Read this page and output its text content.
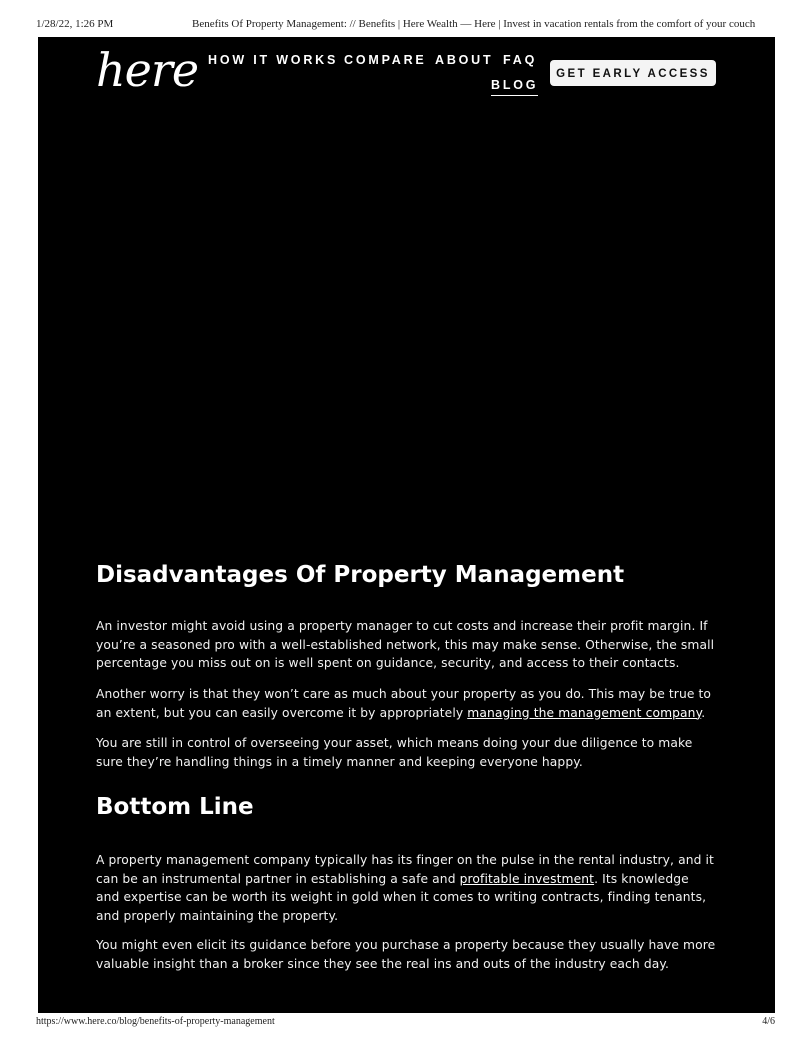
1/28/22, 1:26 PM	Benefits Of Property Management: // Benefits | Here Wealth — Here | Invest in vacation rentals from the comfort of your couch
here HOW IT WORKS COMPARE ABOUT FAQ
BLOG
GET EARLY ACCESS
Disadvantages Of Property Management

An investor might avoid using a property manager to cut costs and increase their profit margin. If you’re a seasoned pro with a well-established network, this may make sense. Otherwise, the small percentage you miss out on is well spent on guidance, security, and access to their contacts.

Another worry is that they won’t care as much about your property as you do. This may be true to an extent, but you can easily overcome it by appropriately managing the management company.

You are still in control of overseeing your asset, which means doing your due diligence to make sure they’re handling things in a timely manner and keeping everyone happy.

Bottom Line

A property management company typically has its finger on the pulse in the rental industry, and it can be an instrumental partner in establishing a safe and profitable investment. Its knowledge and expertise can be worth its weight in gold when it comes to writing contracts, finding tenants, and properly maintaining the property.

You might even elicit its guidance before you purchase a property because they usually have more valuable insight than a broker since they see the real ins and outs of the industry each day.

https://www.here.co/blog/benefits-of-property-management	4/6
